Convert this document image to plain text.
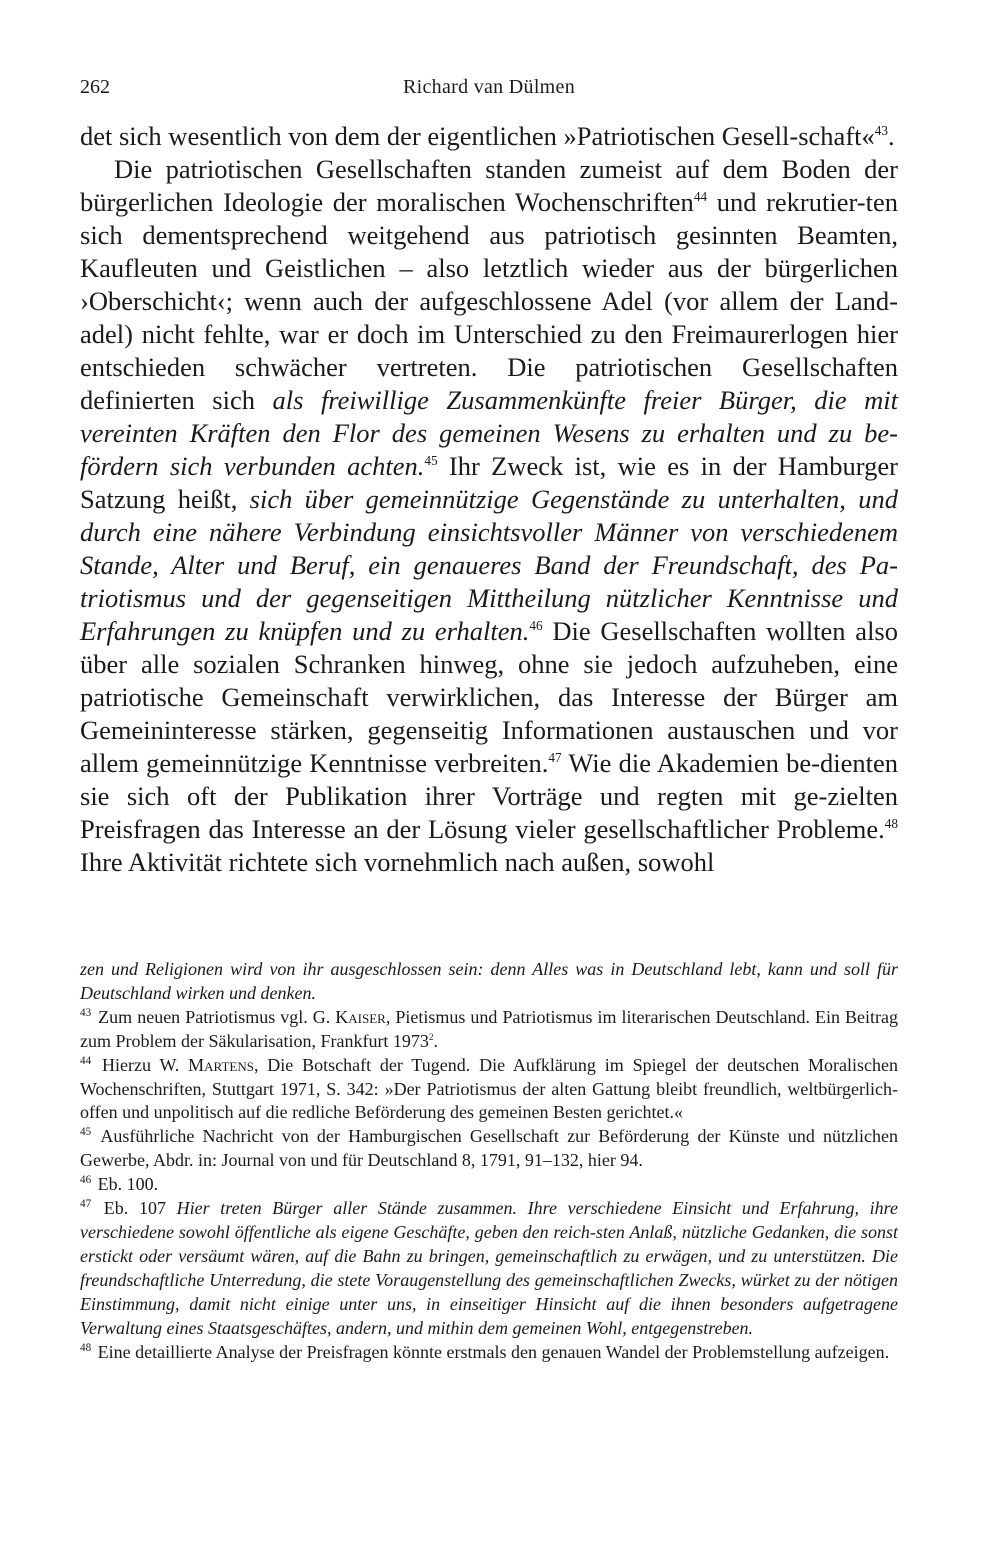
262	Richard van Dülmen

det sich wesentlich von dem der eigentlichen »Patriotischen Gesell-schaft«$^{43}$.

Die patriotischen Gesellschaften standen zumeist auf dem Boden der bürgerlichen Ideologie der moralischen Wochenschriften$^{44}$ und rekrutier-ten sich dementsprechend weitgehend aus patriotisch gesinnten Beamten, Kaufleuten und Geistlichen – also letztlich wieder aus der bürgerlichen ›Oberschicht‹; wenn auch der aufgeschlossene Adel (vor allem der Land-adel) nicht fehlte, war er doch im Unterschied zu den Freimaurerlogen hier entschieden schwächer vertreten. Die patriotischen Gesellschaften definierten sich als freiwillige Zusammenkünfte freier Bürger, die mit vereinten Kräften den Flor des gemeinen Wesens zu erhalten und zu be-fördern sich verbunden achten.$^{45}$ Ihr Zweck ist, wie es in der Hamburger Satzung heißt, sich über gemeinnützige Gegenstände zu unterhalten, und durch eine nähere Verbindung einsichtsvoller Männer von verschiedenem Stande, Alter und Beruf, ein genaueres Band der Freundschaft, des Pa-triotismus und der gegenseitigen Mittheilung nützlicher Kenntnisse und Erfahrungen zu knüpfen und zu erhalten.$^{46}$ Die Gesellschaften wollten also über alle sozialen Schranken hinweg, ohne sie jedoch aufzuheben, eine patriotische Gemeinschaft verwirklichen, das Interesse der Bürger am Gemeininteresse stärken, gegenseitig Informationen austauschen und vor allem gemeinnützige Kenntnisse verbreiten.$^{47}$ Wie die Akademien be-dienten sie sich oft der Publikation ihrer Vorträge und regten mit ge-zielten Preisfragen das Interesse an der Lösung vieler gesellschaftlicher Probleme.$^{48}$ Ihre Aktivität richtete sich vornehmlich nach außen, sowohl

zen und Religionen wird von ihr ausgeschlossen sein: denn Alles was in Deutschland lebt, kann und soll für Deutschland wirken und denken.

$^{43}$ Zum neuen Patriotismus vgl. G. Kaiser, Pietismus und Patriotismus im literarischen Deutschland. Ein Beitrag zum Problem der Säkularisation, Frankfurt 1973$^2$.

$^{44}$ Hierzu W. Martens, Die Botschaft der Tugend. Die Aufklärung im Spiegel der deutschen Moralischen Wochenschriften, Stuttgart 1971, S. 342: »Der Patriotismus der alten Gattung bleibt freundlich, weltbürgerlich-offen und unpolitisch auf die redliche Beförderung des gemeinen Besten gerichtet.«

$^{45}$ Ausführliche Nachricht von der Hamburgischen Gesellschaft zur Beförderung der Künste und nützlichen Gewerbe, Abdr. in: Journal von und für Deutschland 8, 1791, 91–132, hier 94.

$^{46}$ Eb. 100.

$^{47}$ Eb. 107 Hier treten Bürger aller Stände zusammen. Ihre verschiedene Einsicht und Erfahrung, ihre verschiedene sowohl öffentliche als eigene Geschäfte, geben den reich-sten Anlaß, nützliche Gedanken, die sonst erstickt oder versäumt wären, auf die Bahn zu bringen, gemeinschaftlich zu erwägen, und zu unterstützen. Die freundschaftliche Unterredung, die stete Voraugenstellung des gemeinschaftlichen Zwecks, würket zu der nötigen Einstimmung, damit nicht einige unter uns, in einseitiger Hinsicht auf die ihnen besonders aufgetragene Verwaltung eines Staatsgeschäftes, andern, und mithin dem gemeinen Wohl, entgegenstreben.

$^{48}$ Eine detaillierte Analyse der Preisfragen könnte erstmals den genauen Wandel der Problemstellung aufzeigen.
